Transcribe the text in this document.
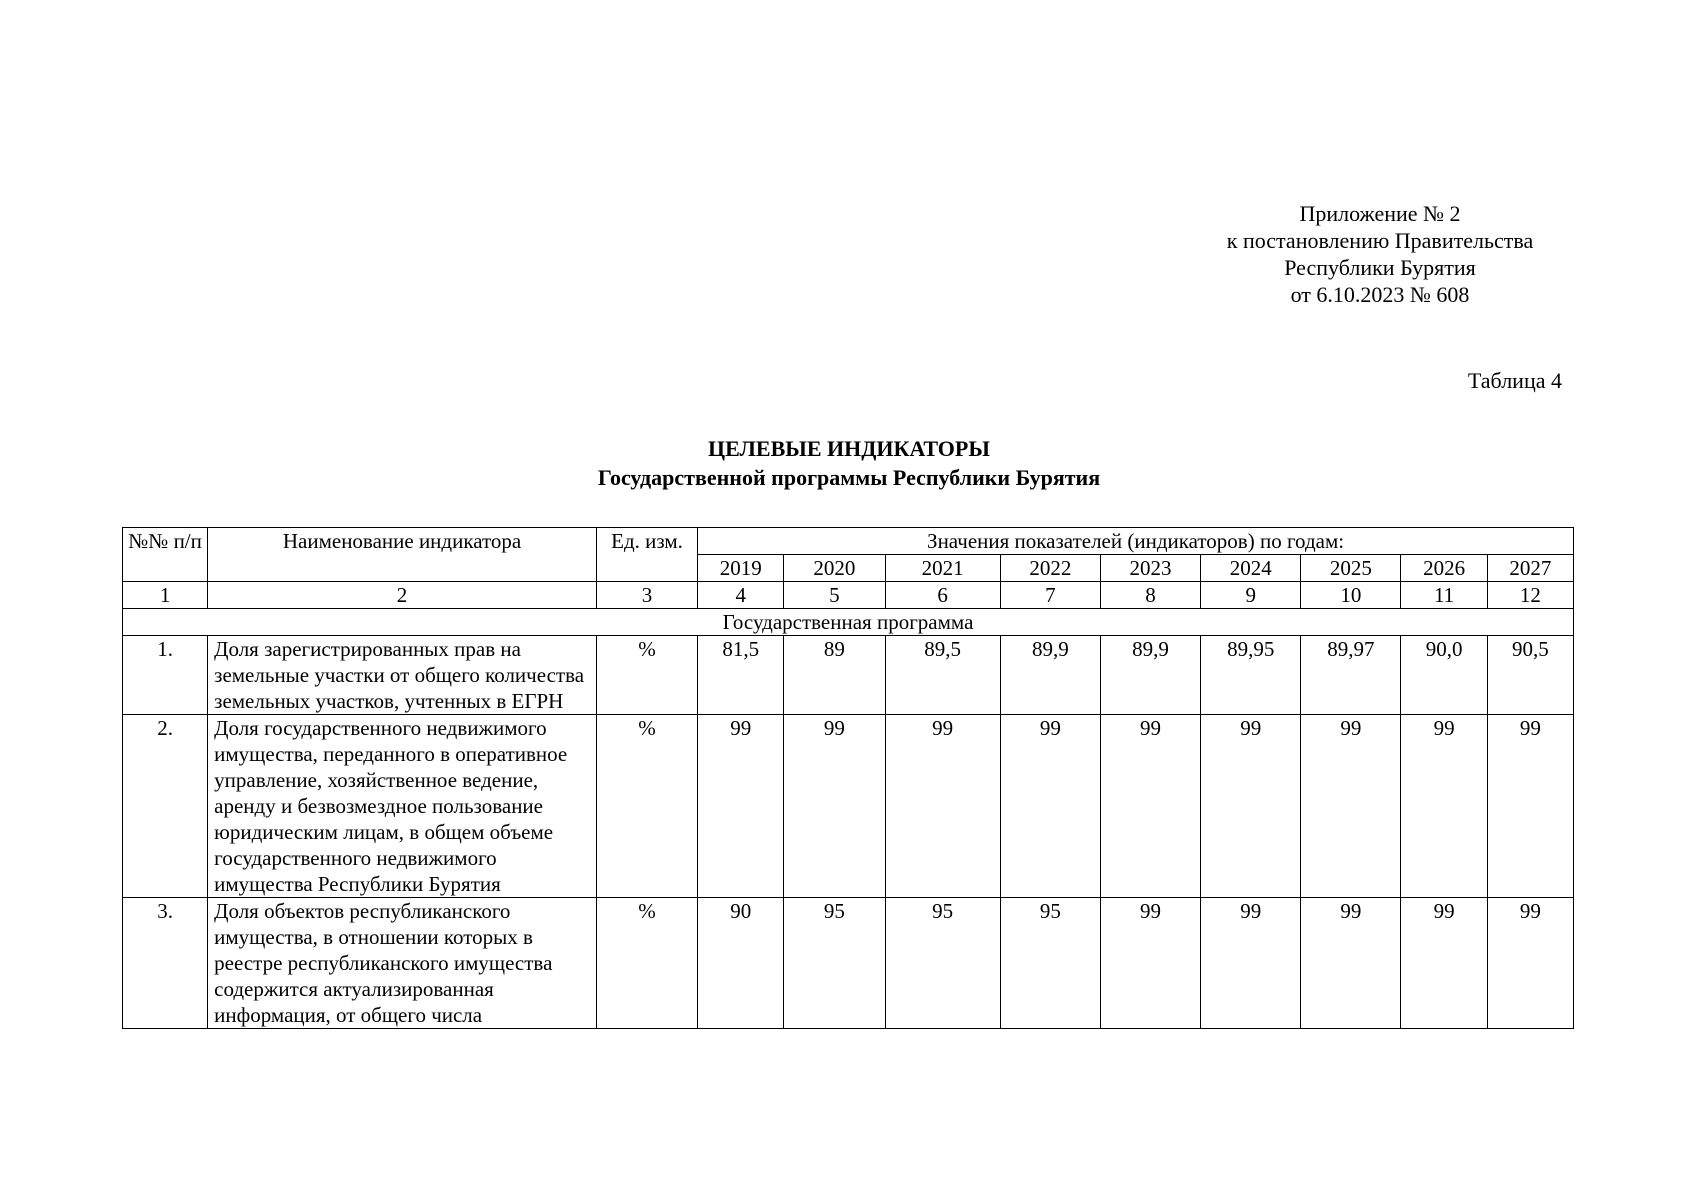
Приложение № 2
к постановлению Правительства
Республики Бурятия
от 6.10.2023 № 608
Таблица 4
ЦЕЛЕВЫЕ ИНДИКАТОРЫ
Государственной программы Республики Бурятия
№№ п/п	Наименование индикатора	Ед. изм.	Значения показателей (индикаторов) по годам:								
			2019	2020	2021	2022	2023	2024	2025	2026	2027
1	2	3	4	5	6	7	8	9	10	11	12
Государственная программа											
1.	Доля зарегистрированных прав на земельные участки от общего количества земельных участков, учтенных в ЕГРН	%	81,5	89	89,5	89,9	89,9	89,95	89,97	90,0	90,5
2.	Доля государственного недвижимого имущества, переданного в оперативное управление, хозяйственное ведение, аренду и безвозмездное пользование юридическим лицам, в общем объеме государственного недвижимого имущества Республики Бурятия	%	99	99	99	99	99	99	99	99	99
3.	Доля объектов республиканского имущества, в отношении которых в реестре республиканского имущества содержится актуализированная информация, от общего числа	%	90	95	95	95	99	99	99	99	99
